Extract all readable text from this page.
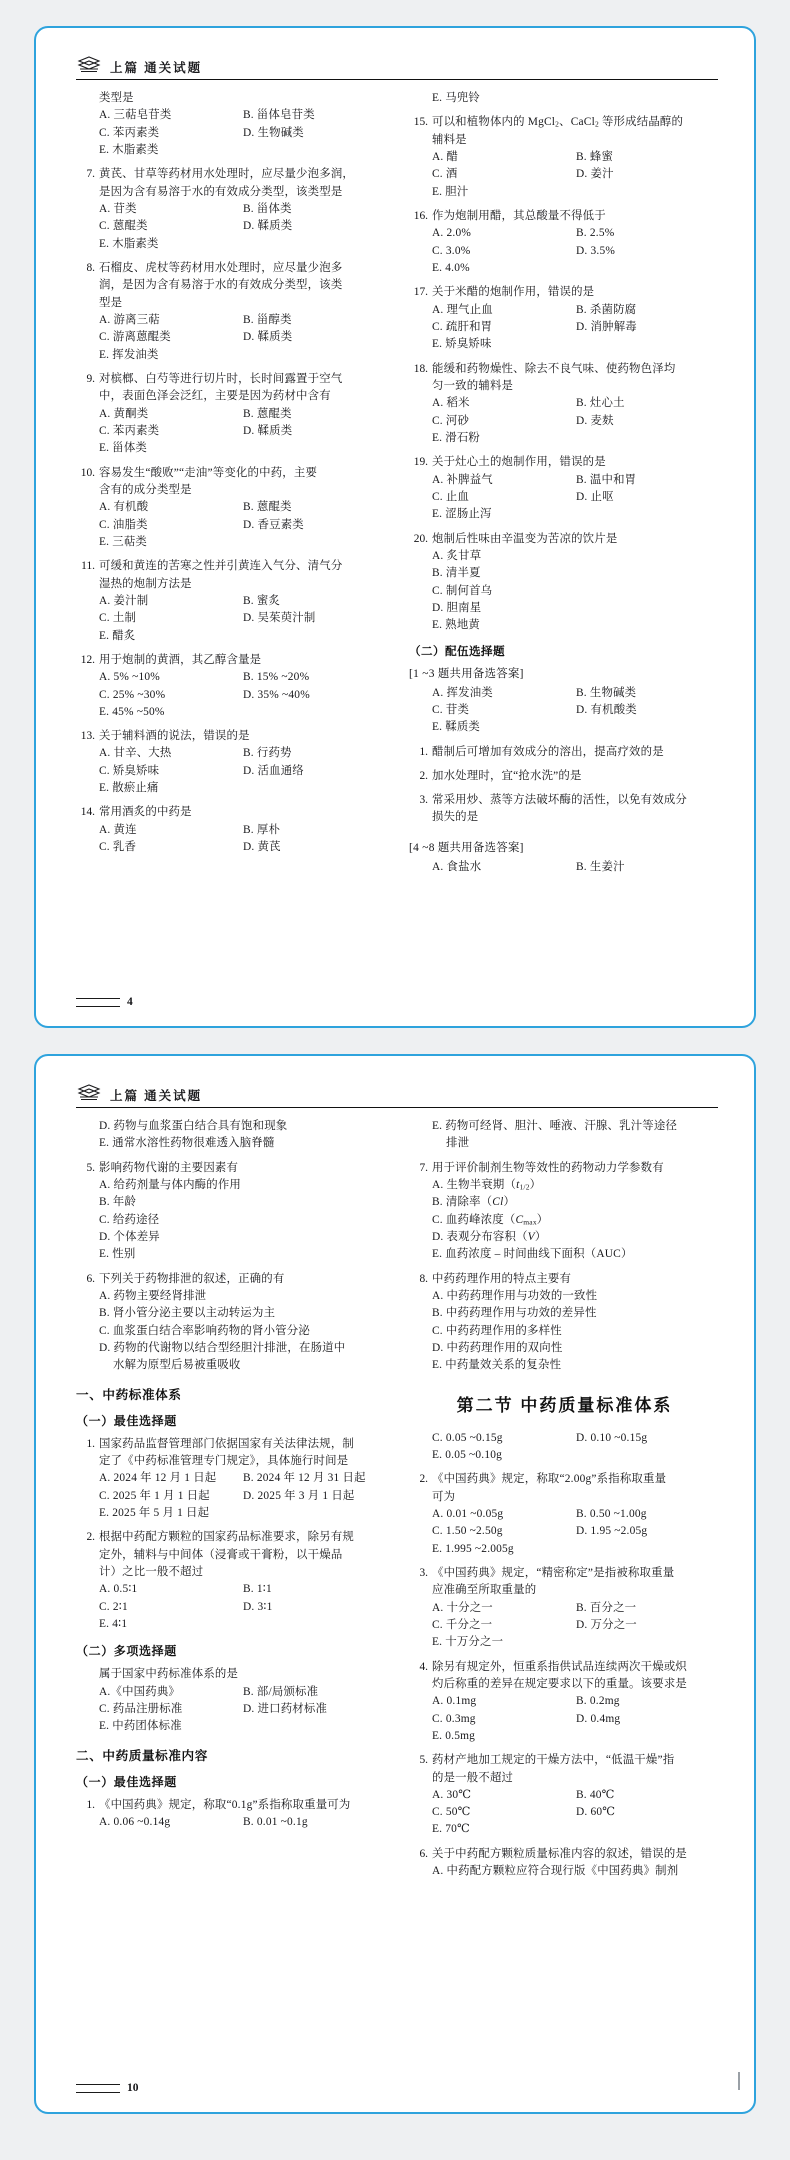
上篇 通关试题
类型是
A. 三萜皂苷类	B. 甾体皂苷类
C. 苯丙素类	D. 生物碱类
E. 木脂素类
7. 黄芪、甘草等药材用水处理时，应尽量少泡多润，
是因为含有易溶于水的有效成分类型，该类型是
A. 苷类	B. 甾体类
C. 蒽醌类	D. 鞣质类
E. 木脂素类
8. 石榴皮、虎杖等药材用水处理时，应尽量少泡多
润，是因为含有易溶于水的有效成分类型，该类
型是
A. 游离三萜	B. 甾醇类
C. 游离蒽醌类	D. 鞣质类
E. 挥发油类
9. 对槟榔、白芍等进行切片时，长时间露置于空气
中，表面色泽会泛红，主要是因为药材中含有
A. 黄酮类	B. 蒽醌类
C. 苯丙素类	D. 鞣质类
E. 甾体类
10. 容易发生“酸败”“走油”等变化的中药，主要
含有的成分类型是
A. 有机酸	B. 蒽醌类
C. 油脂类	D. 香豆素类
E. 三萜类
11. 可缓和黄连的苦寒之性并引黄连入气分、清气分
湿热的炮制方法是
A. 姜汁制	B. 蜜炙
C. 土制	D. 吴茱萸汁制
E. 醋炙
12. 用于炮制的黄酒，其乙醇含量是
A. 5% ~10%	B. 15% ~20%
C. 25% ~30%	D. 35% ~40%
E. 45% ~50%
13. 关于辅料酒的说法，错误的是
A. 甘辛、大热	B. 行药势
C. 矫臭矫味	D. 活血通络
E. 散瘀止痛
14. 常用酒炙的中药是
A. 黄连	B. 厚朴
C. 乳香	D. 黄芪
E. 马兜铃
15. 可以和植物体内的 MgCl$_2$、CaCl$_2$ 等形成结晶醇的
辅料是
A. 醋	B. 蜂蜜
C. 酒	D. 姜汁
E. 胆汁
16. 作为炮制用醋，其总酸量不得低于
A. 2.0%	B. 2.5%
C. 3.0%	D. 3.5%
E. 4.0%
17. 关于米醋的炮制作用，错误的是
A. 理气止血	B. 杀菌防腐
C. 疏肝和胃	D. 消肿解毒
E. 矫臭矫味
18. 能缓和药物燥性、除去不良气味、使药物色泽均
匀一致的辅料是
A. 稻米	B. 灶心土
C. 河砂	D. 麦麸
E. 滑石粉
19. 关于灶心土的炮制作用，错误的是
A. 补脾益气	B. 温中和胃
C. 止血	D. 止呕
E. 涩肠止泻
20. 炮制后性味由辛温变为苦凉的饮片是
A. 炙甘草
B. 清半夏
C. 制何首乌
D. 胆南星
E. 熟地黄
（二）配伍选择题
[1 ~3 题共用备选答案]
A. 挥发油类	B. 生物碱类
C. 苷类	D. 有机酸类
E. 鞣质类
1. 醋制后可增加有效成分的溶出，提高疗效的是
2. 加水处理时，宜“抢水洗”的是
3. 常采用炒、蒸等方法破坏酶的活性，以免有效成分
损失的是
[4 ~8 题共用备选答案]
A. 食盐水	B. 生姜汁
4
上篇 通关试题
D. 药物与血浆蛋白结合具有饱和现象
E. 通常水溶性药物很难透入脑脊髓
5. 影响药物代谢的主要因素有
A. 给药剂量与体内酶的作用
B. 年龄
C. 给药途径
D. 个体差异
E. 性别
6. 下列关于药物排泄的叙述，正确的有
A. 药物主要经肾排泄
B. 肾小管分泌主要以主动转运为主
C. 血浆蛋白结合率影响药物的肾小管分泌
D. 药物的代谢物以结合型经胆汁排泄，在肠道中
水解为原型后易被重吸收
一、中药标准体系
（一）最佳选择题
1. 国家药品监督管理部门依据国家有关法律法规，制
定了《中药标准管理专门规定》，具体施行时间是
A. 2024 年 12 月 1 日起	B. 2024 年 12 月 31 日起
C. 2025 年 1 月 1 日起	D. 2025 年 3 月 1 日起
E. 2025 年 5 月 1 日起
2. 根据中药配方颗粒的国家药品标准要求，除另有规
定外，辅料与中间体（浸膏或干膏粉，以干燥品
计）之比一般不超过
A. 0.5∶1	B. 1∶1
C. 2∶1	D. 3∶1
E. 4∶1
（二）多项选择题
属于国家中药标准体系的是
A.《中国药典》	B. 部/局颁标准
C. 药品注册标准	D. 进口药材标准
E. 中药团体标准
二、中药质量标准内容
（一）最佳选择题
1. 《中国药典》规定，称取“0.1g”系指称取重量可为
A. 0.06 ~0.14g	B. 0.01 ~0.1g
E. 药物可经肾、胆汁、唾液、汗腺、乳汁等途径
排泄
7. 用于评价制剂生物等效性的药物动力学参数有
A. 生物半衰期$(t_{1/2})$
B. 清除率（Cl）
C. 血药峰浓度$(C_{max})$
D. 表观分布容积（V）
E. 血药浓度 – 时间曲线下面积（AUC）
8. 中药药理作用的特点主要有
A. 中药药理作用与功效的一致性
B. 中药药理作用与功效的差异性
C. 中药药理作用的多样性
D. 中药药理作用的双向性
E. 中药量效关系的复杂性
第二节 中药质量标准体系
C. 0.05 ~0.15g	D. 0.10 ~0.15g
E. 0.05 ~0.10g
2. 《中国药典》规定，称取“2.00g”系指称取重量
可为
A. 0.01 ~0.05g	B. 0.50 ~1.00g
C. 1.50 ~2.50g	D. 1.95 ~2.05g
E. 1.995 ~2.005g
3. 《中国药典》规定，“精密称定”是指被称取重量
应准确至所取重量的
A. 十分之一	B. 百分之一
C. 千分之一	D. 万分之一
E. 十万分之一
4. 除另有规定外，恒重系指供试品连续两次干燥或炽
灼后称重的差异在规定要求以下的重量。该要求是
A. 0.1mg	B. 0.2mg
C. 0.3mg	D. 0.4mg
E. 0.5mg
5. 药材产地加工规定的干燥方法中，“低温干燥”指
的是一般不超过
A. 30℃	B. 40℃
C. 50℃	D. 60℃
E. 70℃
6. 关于中药配方颗粒质量标准内容的叙述，错误的是
A. 中药配方颗粒应符合现行版《中国药典》制剂
10
